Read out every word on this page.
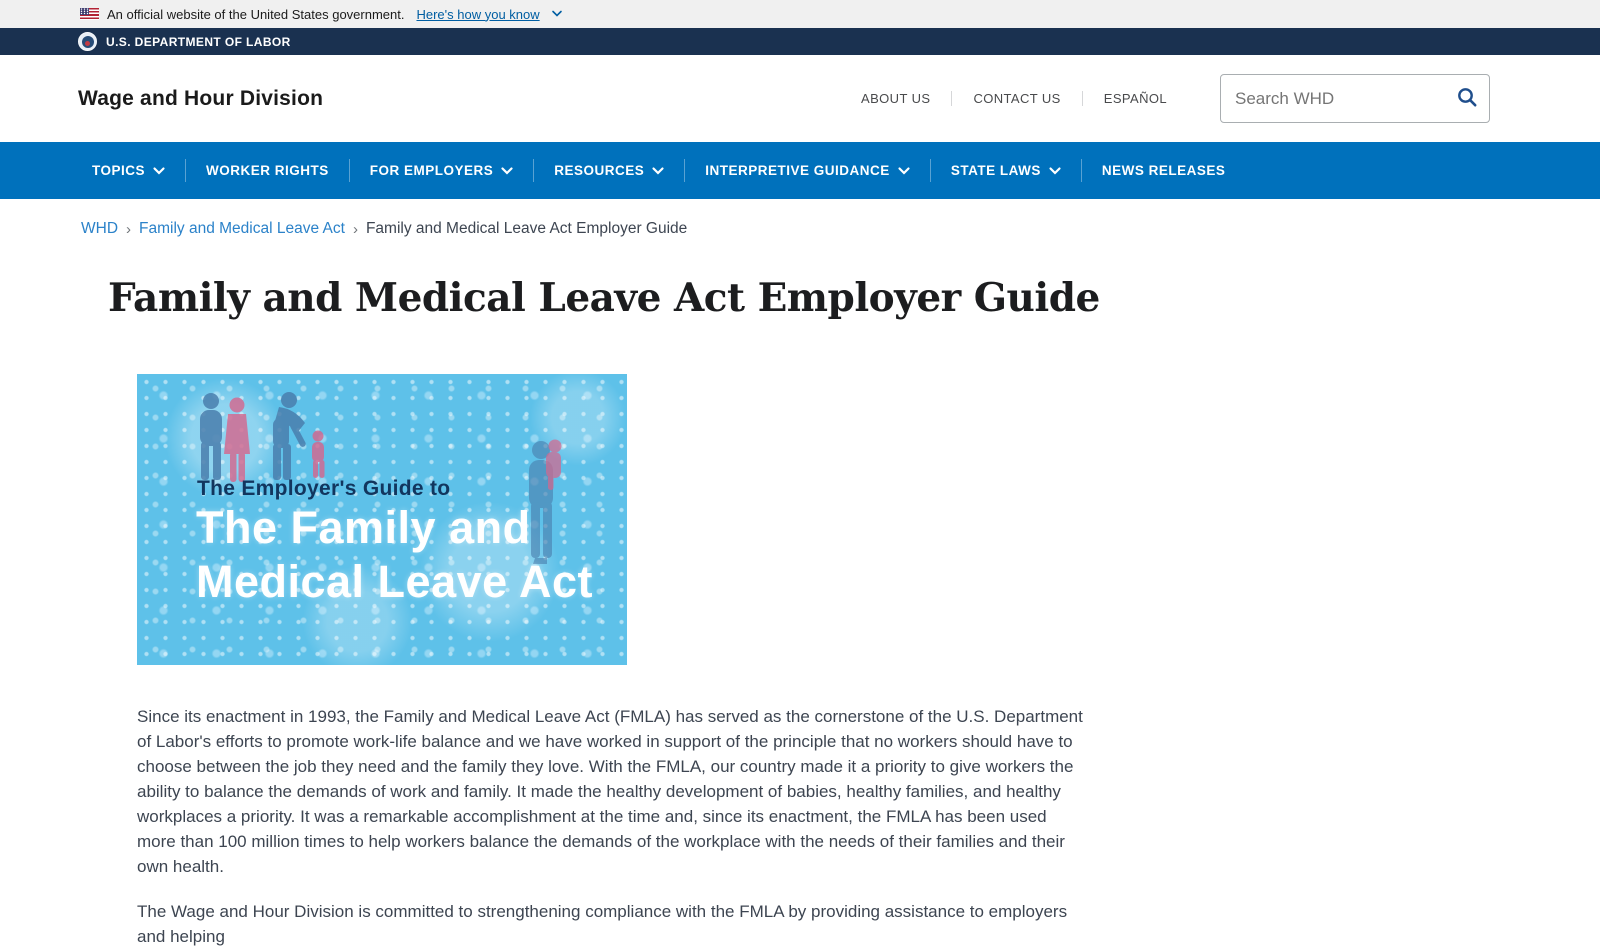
An official website of the United States government. Here's how you know
U.S. DEPARTMENT OF LABOR
Wage and Hour Division	ABOUT US	CONTACT US	ESPAÑOL
Search WHD
TOPICS	WORKER RIGHTS	FOR EMPLOYERS	RESOURCES	INTERPRETIVE GUIDANCE	STATE LAWS	NEWS RELEASES
WHD › Family and Medical Leave Act › Family and Medical Leave Act Employer Guide
Family and Medical Leave Act Employer Guide
The Employer's Guide to
The Family and
Medical Leave Act

Since its enactment in 1993, the Family and Medical Leave Act (FMLA) has served as the cornerstone of the U.S. Department of Labor's efforts to promote work-life balance and we have worked in support of the principle that no workers should have to choose between the job they need and the family they love. With the FMLA, our country made it a priority to give workers the ability to balance the demands of work and family. It made the healthy development of babies, healthy families, and healthy workplaces a priority. It was a remarkable accomplishment at the time and, since its enactment, the FMLA has been used more than 100 million times to help workers balance the demands of the workplace with the needs of their families and their own health.

The Wage and Hour Division is committed to strengthening compliance with the FMLA by providing assistance to employers and helping
